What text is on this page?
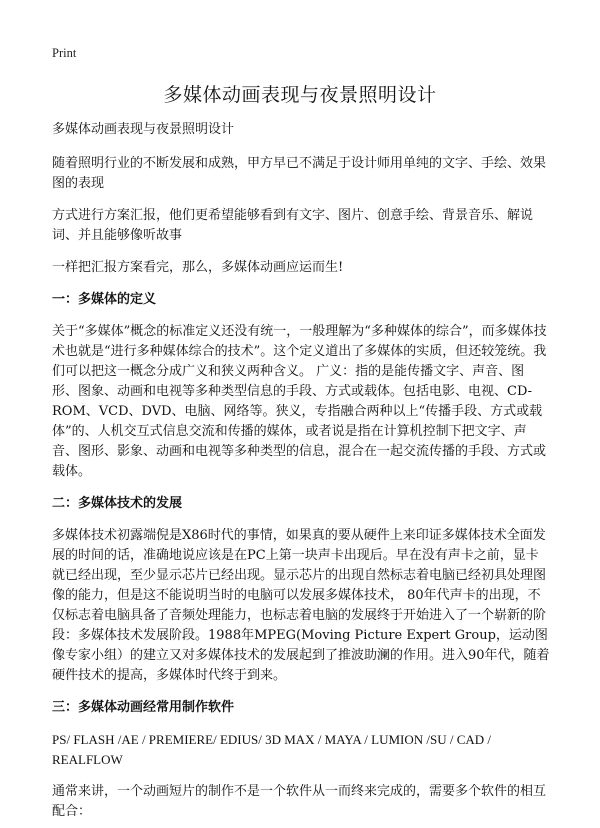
Print
多媒体动画表现与夜景照明设计

多媒体动画表现与夜景照明设计

随着照明行业的不断发展和成熟，甲方早已不满足于设计师用单纯的文字、手绘、效果图的表现

方式进行方案汇报，他们更希望能够看到有文字、图片、创意手绘、背景音乐、解说词、并且能够像听故事

一样把汇报方案看完，那么，多媒体动画应运而生!

一：多媒体的定义

关于“多媒体”概念的标准定义还没有统一，一般理解为“多种媒体的综合”，而多媒体技术也就是“进行多种媒体综合的技术”。这个定义道出了多媒体的实质，但还较笼统。我们可以把这一概念分成广义和狭义两种含义。 广义：指的是能传播文字、声音、图形、图象、动画和电视等多种类型信息的手段、方式或载体。包括电影、电视、CD-ROM、VCD、DVD、电脑、网络等。狭义，专指融合两种以上“传播手段、方式或载体”的、人机交互式信息交流和传播的媒体，或者说是指在计算机控制下把文字、声音、图形、影象、动画和电视等多种类型的信息，混合在一起交流传播的手段、方式或载体。

二：多媒体技术的发展

多媒体技术初露端倪是X86时代的事情，如果真的要从硬件上来印证多媒体技术全面发展的时间的话，准确地说应该是在PC上第一块声卡出现后。早在没有声卡之前，显卡就已经出现，至少显示芯片已经出现。显示芯片的出现自然标志着电脑已经初具处理图像的能力，但是这不能说明当时的电脑可以发展多媒体技术， 80年代声卡的出现，不仅标志着电脑具备了音频处理能力，也标志着电脑的发展终于开始进入了一个崭新的阶段：多媒体技术发展阶段。1988年MPEG(Moving Picture Expert Group，运动图像专家小组）的建立又对多媒体技术的发展起到了推波助澜的作用。进入90年代，随着硬件技术的提高，多媒体时代终于到来。

三：多媒体动画经常用制作软件

PS/ FLASH /AE / PREMIERE/ EDIUS/ 3D MAX / MAYA / LUMION /SU / CAD / REALFLOW

通常来讲，一个动画短片的制作不是一个软件从一而终来完成的，需要多个软件的相互配合：
